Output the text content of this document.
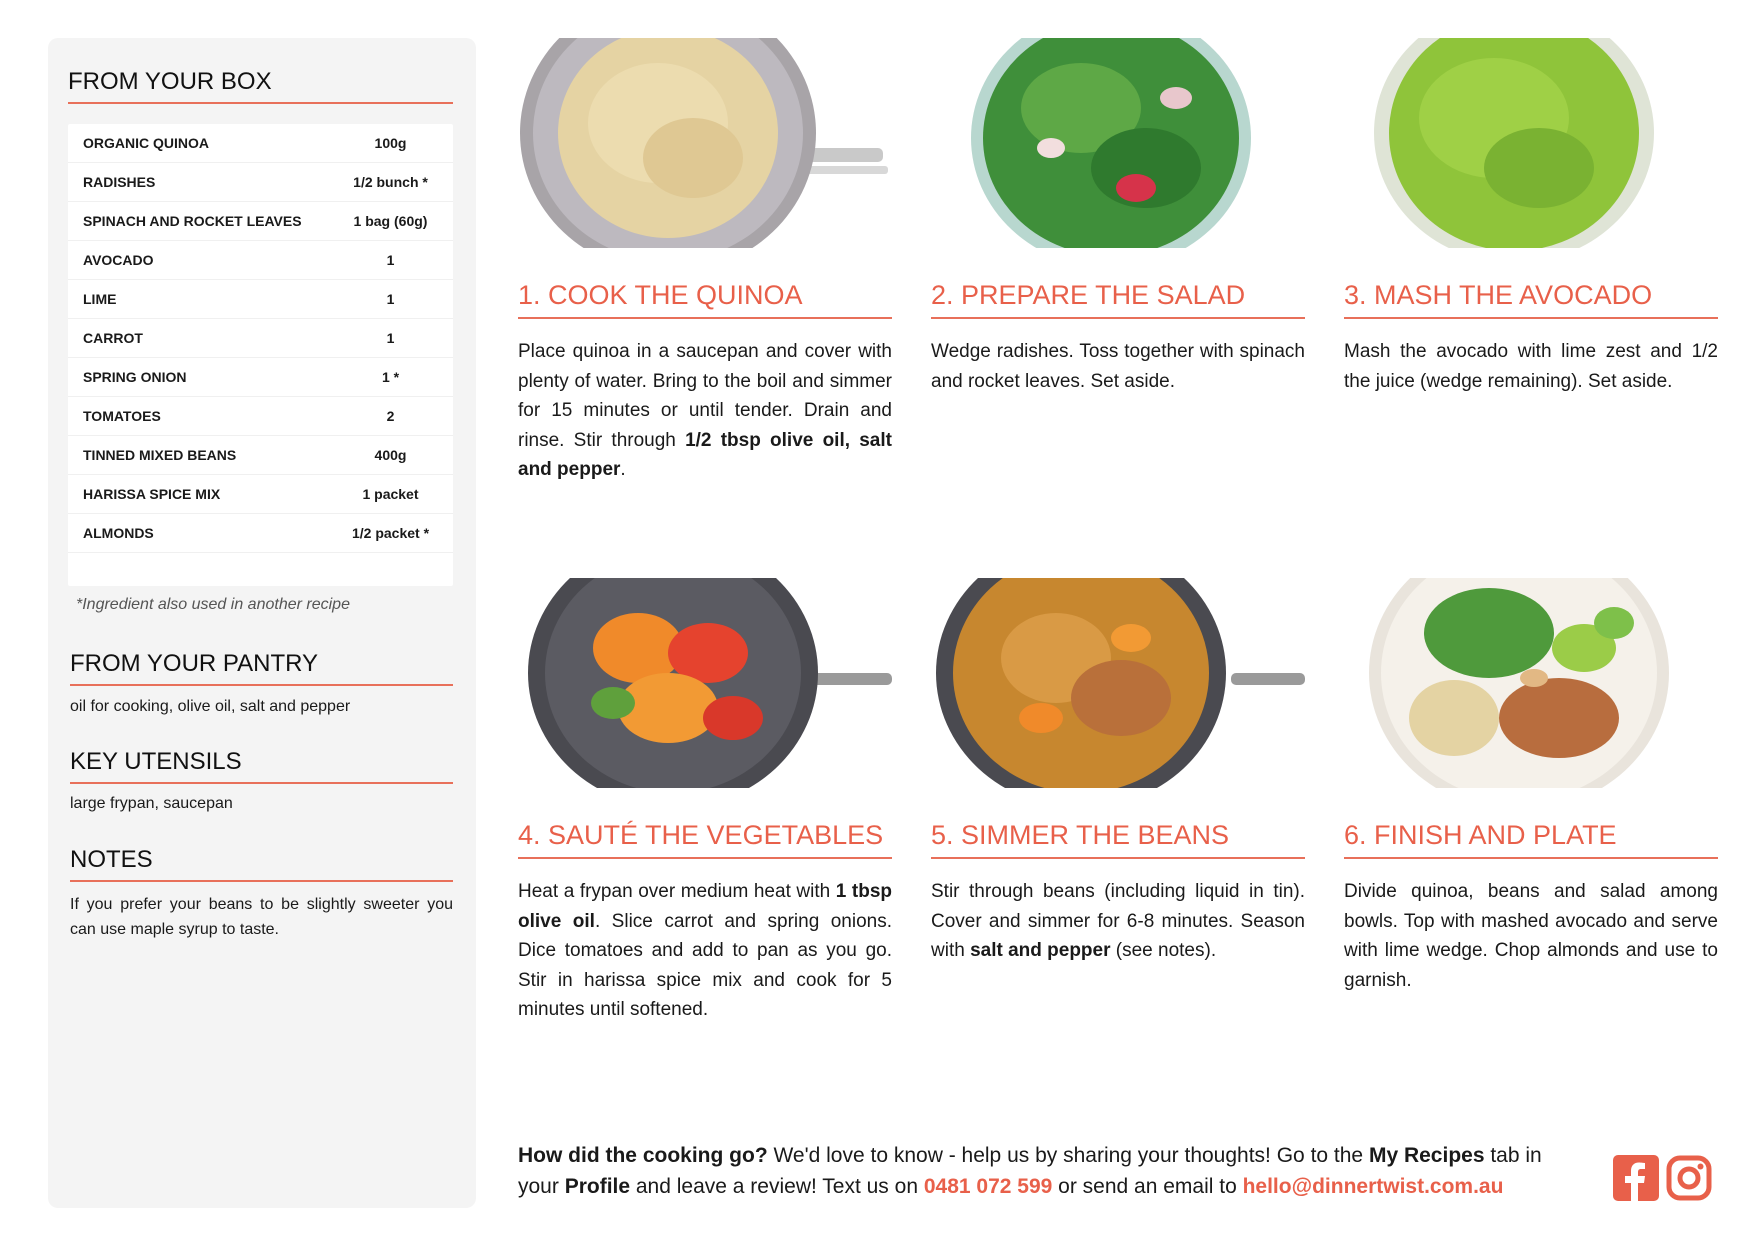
FROM YOUR BOX
ORGANIC QUINOA	100g
RADISHES	1/2 bunch *
SPINACH AND ROCKET LEAVES	1 bag (60g)
AVOCADO	1
LIME	1
CARROT	1
SPRING ONION	1 *
TOMATOES	2
TINNED MIXED BEANS	400g
HARISSA SPICE MIX	1 packet
ALMONDS	1/2 packet *
*Ingredient also used in another recipe
FROM YOUR PANTRY
oil for cooking, olive oil, salt and pepper
KEY UTENSILS
large frypan, saucepan
NOTES
If you prefer your beans to be slightly sweeter you can use maple syrup to taste.
1. COOK THE QUINOA
Place quinoa in a saucepan and cover with plenty of water. Bring to the boil and simmer for 15 minutes or until tender. Drain and rinse. Stir through 1/2 tbsp olive oil, salt and pepper.
2. PREPARE THE SALAD
Wedge radishes. Toss together with spinach and rocket leaves. Set aside.
3. MASH THE AVOCADO
Mash the avocado with lime zest and 1/2 the juice (wedge remaining). Set aside.
4. SAUTÉ THE VEGETABLES
Heat a frypan over medium heat with 1 tbsp olive oil. Slice carrot and spring onions. Dice tomatoes and add to pan as you go. Stir in harissa spice mix and cook for 5 minutes until softened.
5. SIMMER THE BEANS
Stir through beans (including liquid in tin). Cover and simmer for 6-8 minutes. Season with salt and pepper (see notes).
6. FINISH AND PLATE
Divide quinoa, beans and salad among bowls. Top with mashed avocado and serve with lime wedge. Chop almonds and use to garnish.
How did the cooking go? We'd love to know - help us by sharing your thoughts! Go to the My Recipes tab in your Profile and leave a review! Text us on 0481 072 599 or send an email to hello@dinnertwist.com.au
